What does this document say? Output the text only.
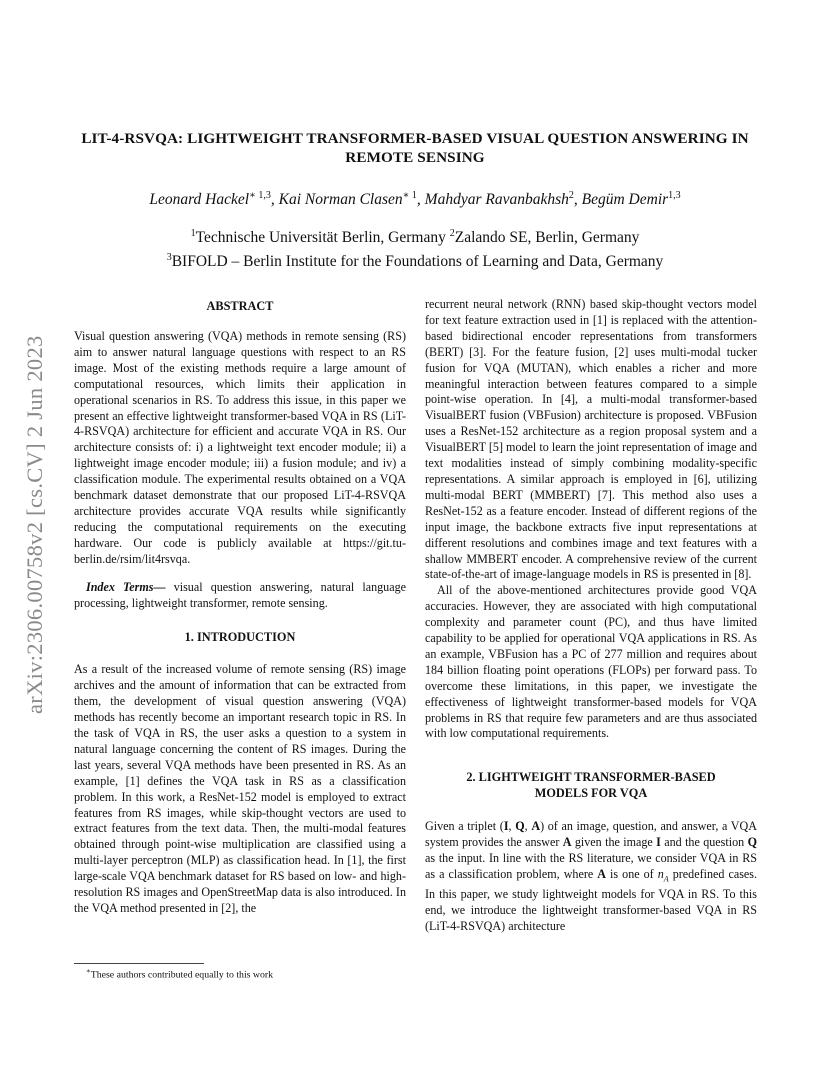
arXiv:2306.00758v2 [cs.CV] 2 Jun 2023
LIT-4-RSVQA: LIGHTWEIGHT TRANSFORMER-BASED VISUAL QUESTION ANSWERING IN REMOTE SENSING
Leonard Hackel$^{∗ 1,3}$, Kai Norman Clasen$^{∗ 1}$, Mahdyar Ravanbakhsh$^2$, Begüm Demir$^{1,3}$
$^1$Technische Universität Berlin, Germany $^2$Zalando SE, Berlin, Germany
$^3$BIFOLD – Berlin Institute for the Foundations of Learning and Data, Germany
ABSTRACT

Visual question answering (VQA) methods in remote sensing (RS) aim to answer natural language questions with respect to an RS image. Most of the existing methods require a large amount of computational resources, which limits their application in operational scenarios in RS. To address this issue, in this paper we present an effective lightweight transformer-based VQA in RS (LiT-4-RSVQA) architecture for efficient and accurate VQA in RS. Our architecture consists of: i) a lightweight text encoder module; ii) a lightweight image encoder module; iii) a fusion module; and iv) a classification module. The experimental results obtained on a VQA benchmark dataset demonstrate that our proposed LiT-4-RSVQA architecture provides accurate VQA results while significantly reducing the computational requirements on the executing hardware. Our code is publicly available at https://git.tu-berlin.de/rsim/lit4rsvqa.

Index Terms— visual question answering, natural language processing, lightweight transformer, remote sensing.

1. INTRODUCTION

As a result of the increased volume of remote sensing (RS) image archives and the amount of information that can be extracted from them, the development of visual question answering (VQA) methods has recently become an important research topic in RS. In the task of VQA in RS, the user asks a question to a system in natural language concerning the content of RS images. During the last years, several VQA methods have been presented in RS. As an example, [1] defines the VQA task in RS as a classification problem. In this work, a ResNet-152 model is employed to extract features from RS images, while skip-thought vectors are used to extract features from the text data. Then, the multi-modal features obtained through point-wise multiplication are classified using a multi-layer perceptron (MLP) as classification head. In [1], the first large-scale VQA benchmark dataset for RS based on low- and high-resolution RS images and OpenStreetMap data is also introduced. In the VQA method presented in [2], the

recurrent neural network (RNN) based skip-thought vectors model for text feature extraction used in [1] is replaced with the attention-based bidirectional encoder representations from transformers (BERT) [3]. For the feature fusion, [2] uses multi-modal tucker fusion for VQA (MUTAN), which enables a richer and more meaningful interaction between features compared to a simple point-wise operation. In [4], a multi-modal transformer-based VisualBERT fusion (VBFusion) architecture is proposed. VBFusion uses a ResNet-152 architecture as a region proposal system and a VisualBERT [5] model to learn the joint representation of image and text modalities instead of simply combining modality-specific representations. A similar approach is employed in [6], utilizing multi-modal BERT (MMBERT) [7]. This method also uses a ResNet-152 as a feature encoder. Instead of different regions of the input image, the backbone extracts five input representations at different resolutions and combines image and text features with a shallow MMBERT encoder. A comprehensive review of the current state-of-the-art of image-language models in RS is presented in [8].

All of the above-mentioned architectures provide good VQA accuracies. However, they are associated with high computational complexity and parameter count (PC), and thus have limited capability to be applied for operational VQA applications in RS. As an example, VBFusion has a PC of 277 million and requires about 184 billion floating point operations (FLOPs) per forward pass. To overcome these limitations, in this paper, we investigate the effectiveness of lightweight transformer-based models for VQA problems in RS that require few parameters and are thus associated with low computational requirements.

2. LIGHTWEIGHT TRANSFORMER-BASED
MODELS FOR VQA

Given a triplet (I, Q, A) of an image, question, and answer, a VQA system provides the answer A given the image I and the question Q as the input. In line with the RS literature, we consider VQA in RS as a classification problem, where A is one of $n_A$ predefined cases. In this paper, we study lightweight models for VQA in RS. To this end, we introduce the lightweight transformer-based VQA in RS (LiT-4-RSVQA) architecture

∗These authors contributed equally to this work
